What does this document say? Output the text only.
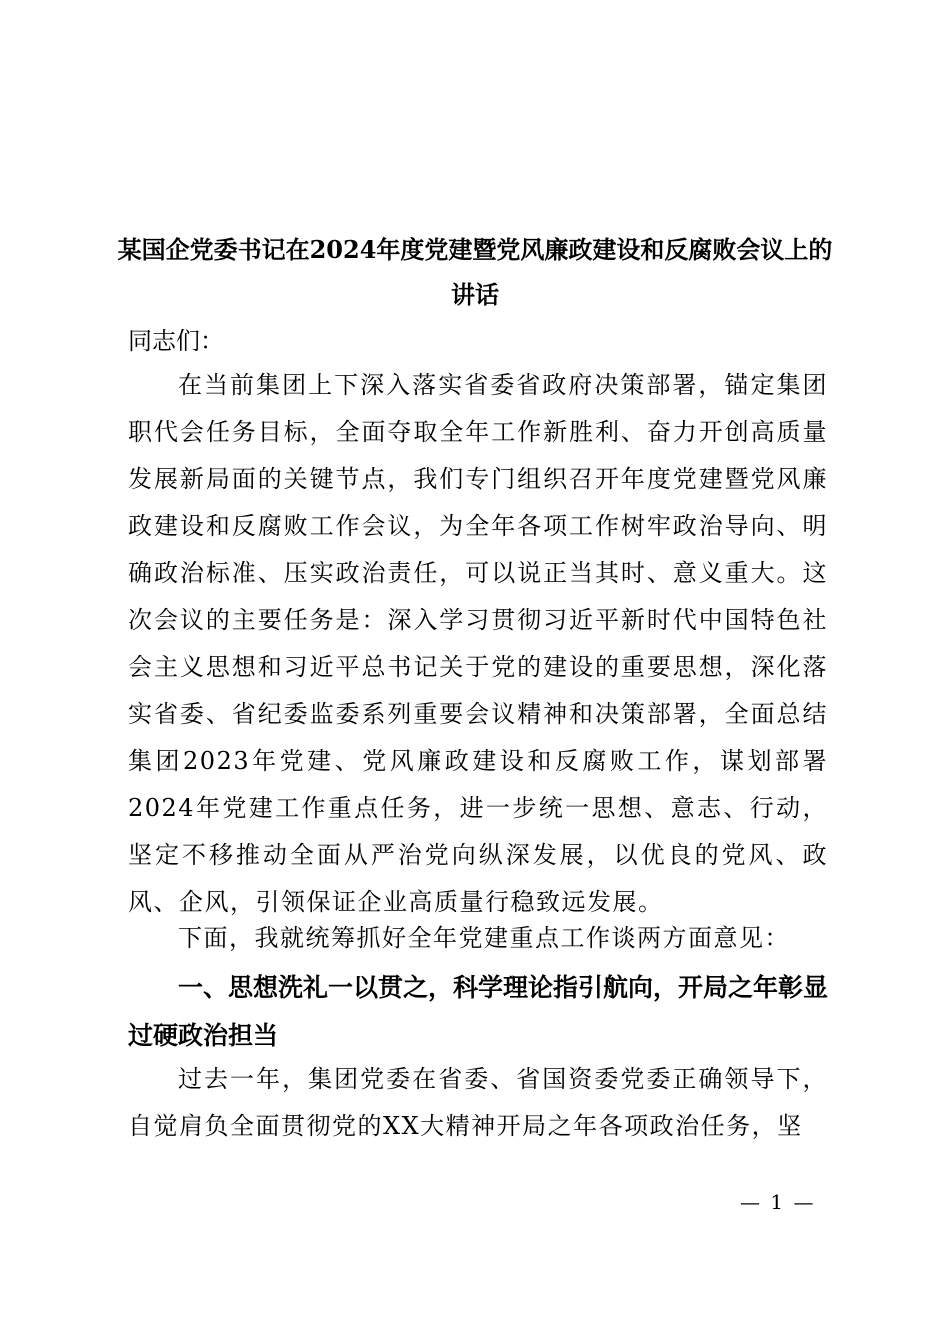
某国企党委书记在2024年度党建暨党风廉政建设和反腐败会议上的讲话
同志们：
在当前集团上下深入落实省委省政府决策部署，锚定集团职代会任务目标，全面夺取全年工作新胜利、奋力开创高质量发展新局面的关键节点，我们专门组织召开年度党建暨党风廉政建设和反腐败工作会议，为全年各项工作树牢政治导向、明确政治标准、压实政治责任，可以说正当其时、意义重大。这次会议的主要任务是：深入学习贯彻习近平新时代中国特色社会主义思想和习近平总书记关于党的建设的重要思想，深化落实省委、省纪委监委系列重要会议精神和决策部署，全面总结集团2023年党建、党风廉政建设和反腐败工作，谋划部署2024年党建工作重点任务，进一步统一思想、意志、行动，坚定不移推动全面从严治党向纵深发展，以优良的党风、政风、企风，引领保证企业高质量行稳致远发展。
下面，我就统筹抓好全年党建重点工作谈两方面意见：
一、思想洗礼一以贯之，科学理论指引航向，开局之年彰显过硬政治担当
过去一年，集团党委在省委、省国资委党委正确领导下，自觉肩负全面贯彻党的XX大精神开局之年各项政治任务，坚
— 1 —
